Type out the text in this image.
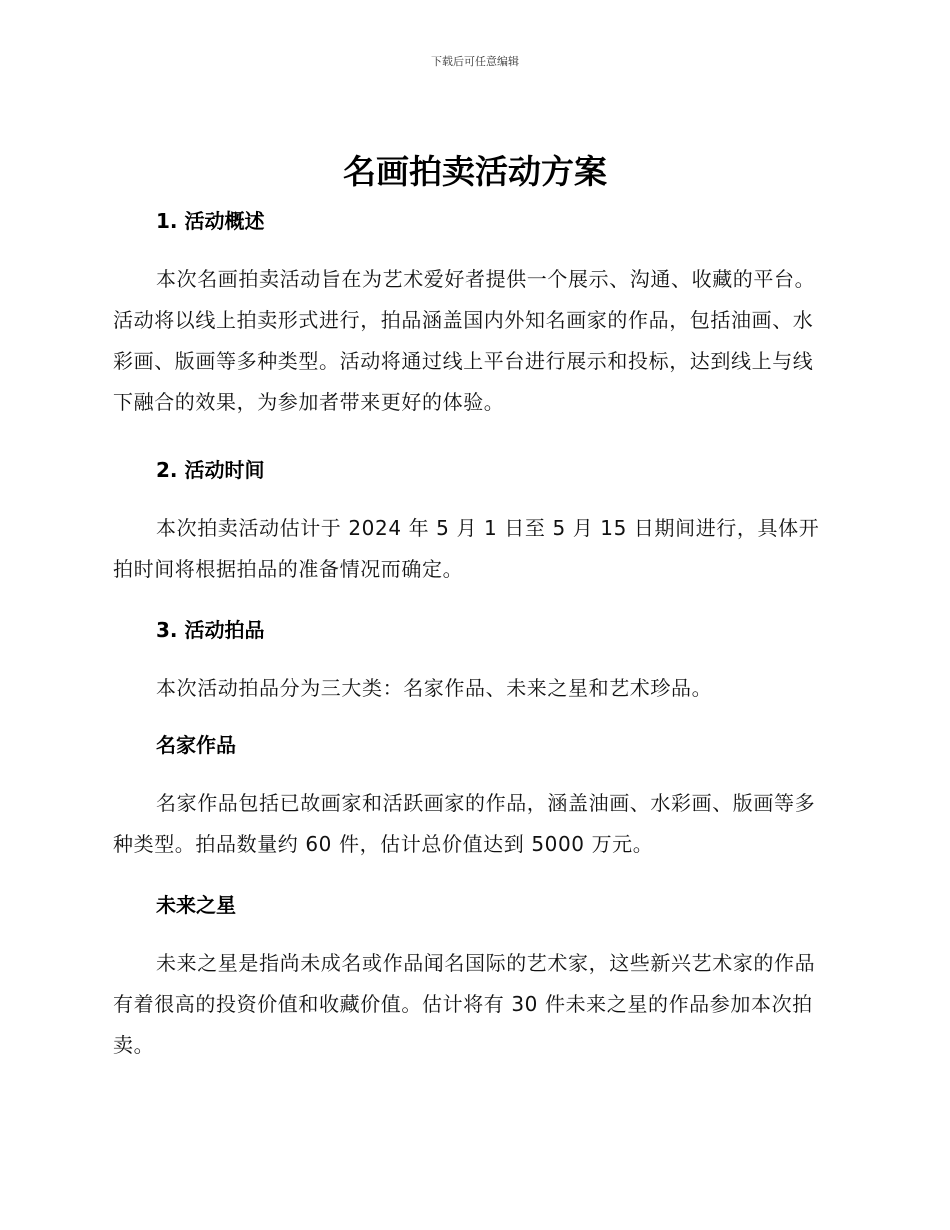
下载后可任意编辑
名画拍卖活动方案
1. 活动概述

本次名画拍卖活动旨在为艺术爱好者提供一个展示、沟通、收藏的平台。活动将以线上拍卖形式进行，拍品涵盖国内外知名画家的作品，包括油画、水彩画、版画等多种类型。活动将通过线上平台进行展示和投标，达到线上与线下融合的效果，为参加者带来更好的体验。

2. 活动时间

本次拍卖活动估计于 2024 年 5 月 1 日至 5 月 15 日期间进行，具体开拍时间将根据拍品的准备情况而确定。

3. 活动拍品

本次活动拍品分为三大类：名家作品、未来之星和艺术珍品。

名家作品

名家作品包括已故画家和活跃画家的作品，涵盖油画、水彩画、版画等多种类型。拍品数量约 60 件，估计总价值达到 5000 万元。

未来之星

未来之星是指尚未成名或作品闻名国际的艺术家，这些新兴艺术家的作品有着很高的投资价值和收藏价值。估计将有 30 件未来之星的作品参加本次拍卖。
